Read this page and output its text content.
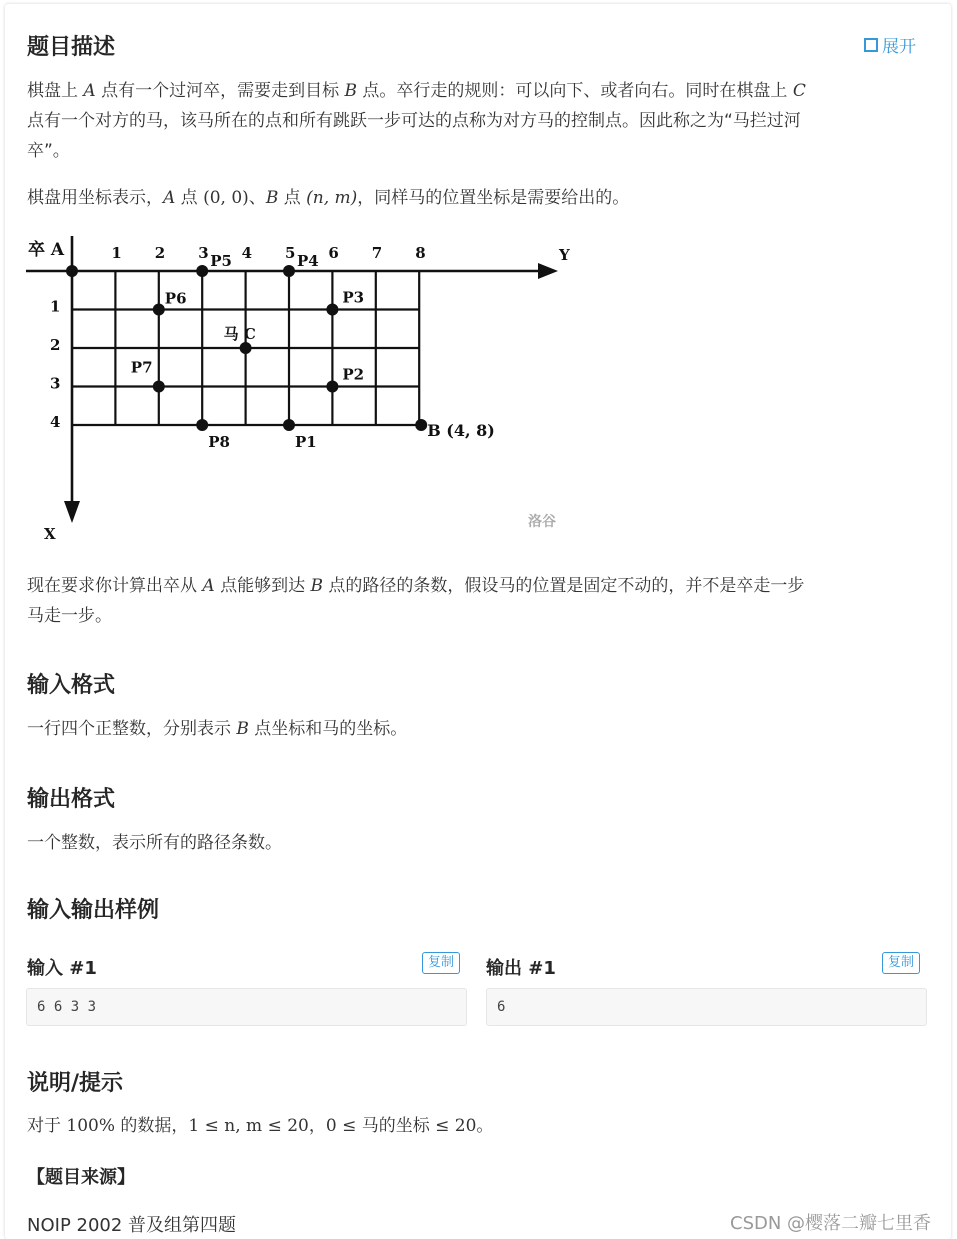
题目描述	展开
棋盘上 A 点有一个过河卒，需要走到目标 B 点。卒行走的规则：可以向下、或者向右。同时在棋盘上 C
点有一个对方的马，该马所在的点和所有跳跃一步可达的点称为对方马的控制点。因此称之为“马拦过河
卒”。
棋盘用坐标表示，A 点 (0, 0)、B 点 (n, m)，同样马的位置坐标是需要给出的。
Y
X
卒 A	1 2 3 4 5 6 7 8
1
2
3
4
P1
P2
P3
P4
P5
P6
P7
P8
马 C
B (4, 8)
洛谷
现在要求你计算出卒从 A 点能够到达 B 点的路径的条数，假设马的位置是固定不动的，并不是卒走一步
马走一步。
输入格式
一行四个正整数，分别表示 B 点坐标和马的坐标。
输出格式
一个整数，表示所有的路径条数。
输入输出样例
输入 #1	复制
6 6 3 3
输出 #1	复制
6
说明/提示
对于 100% 的数据，1 ≤ n, m ≤ 20，0 ≤ 马的坐标 ≤ 20。
【题目来源】
NOIP 2002 普及组第四题	CSDN @樱落二瓣七里香
